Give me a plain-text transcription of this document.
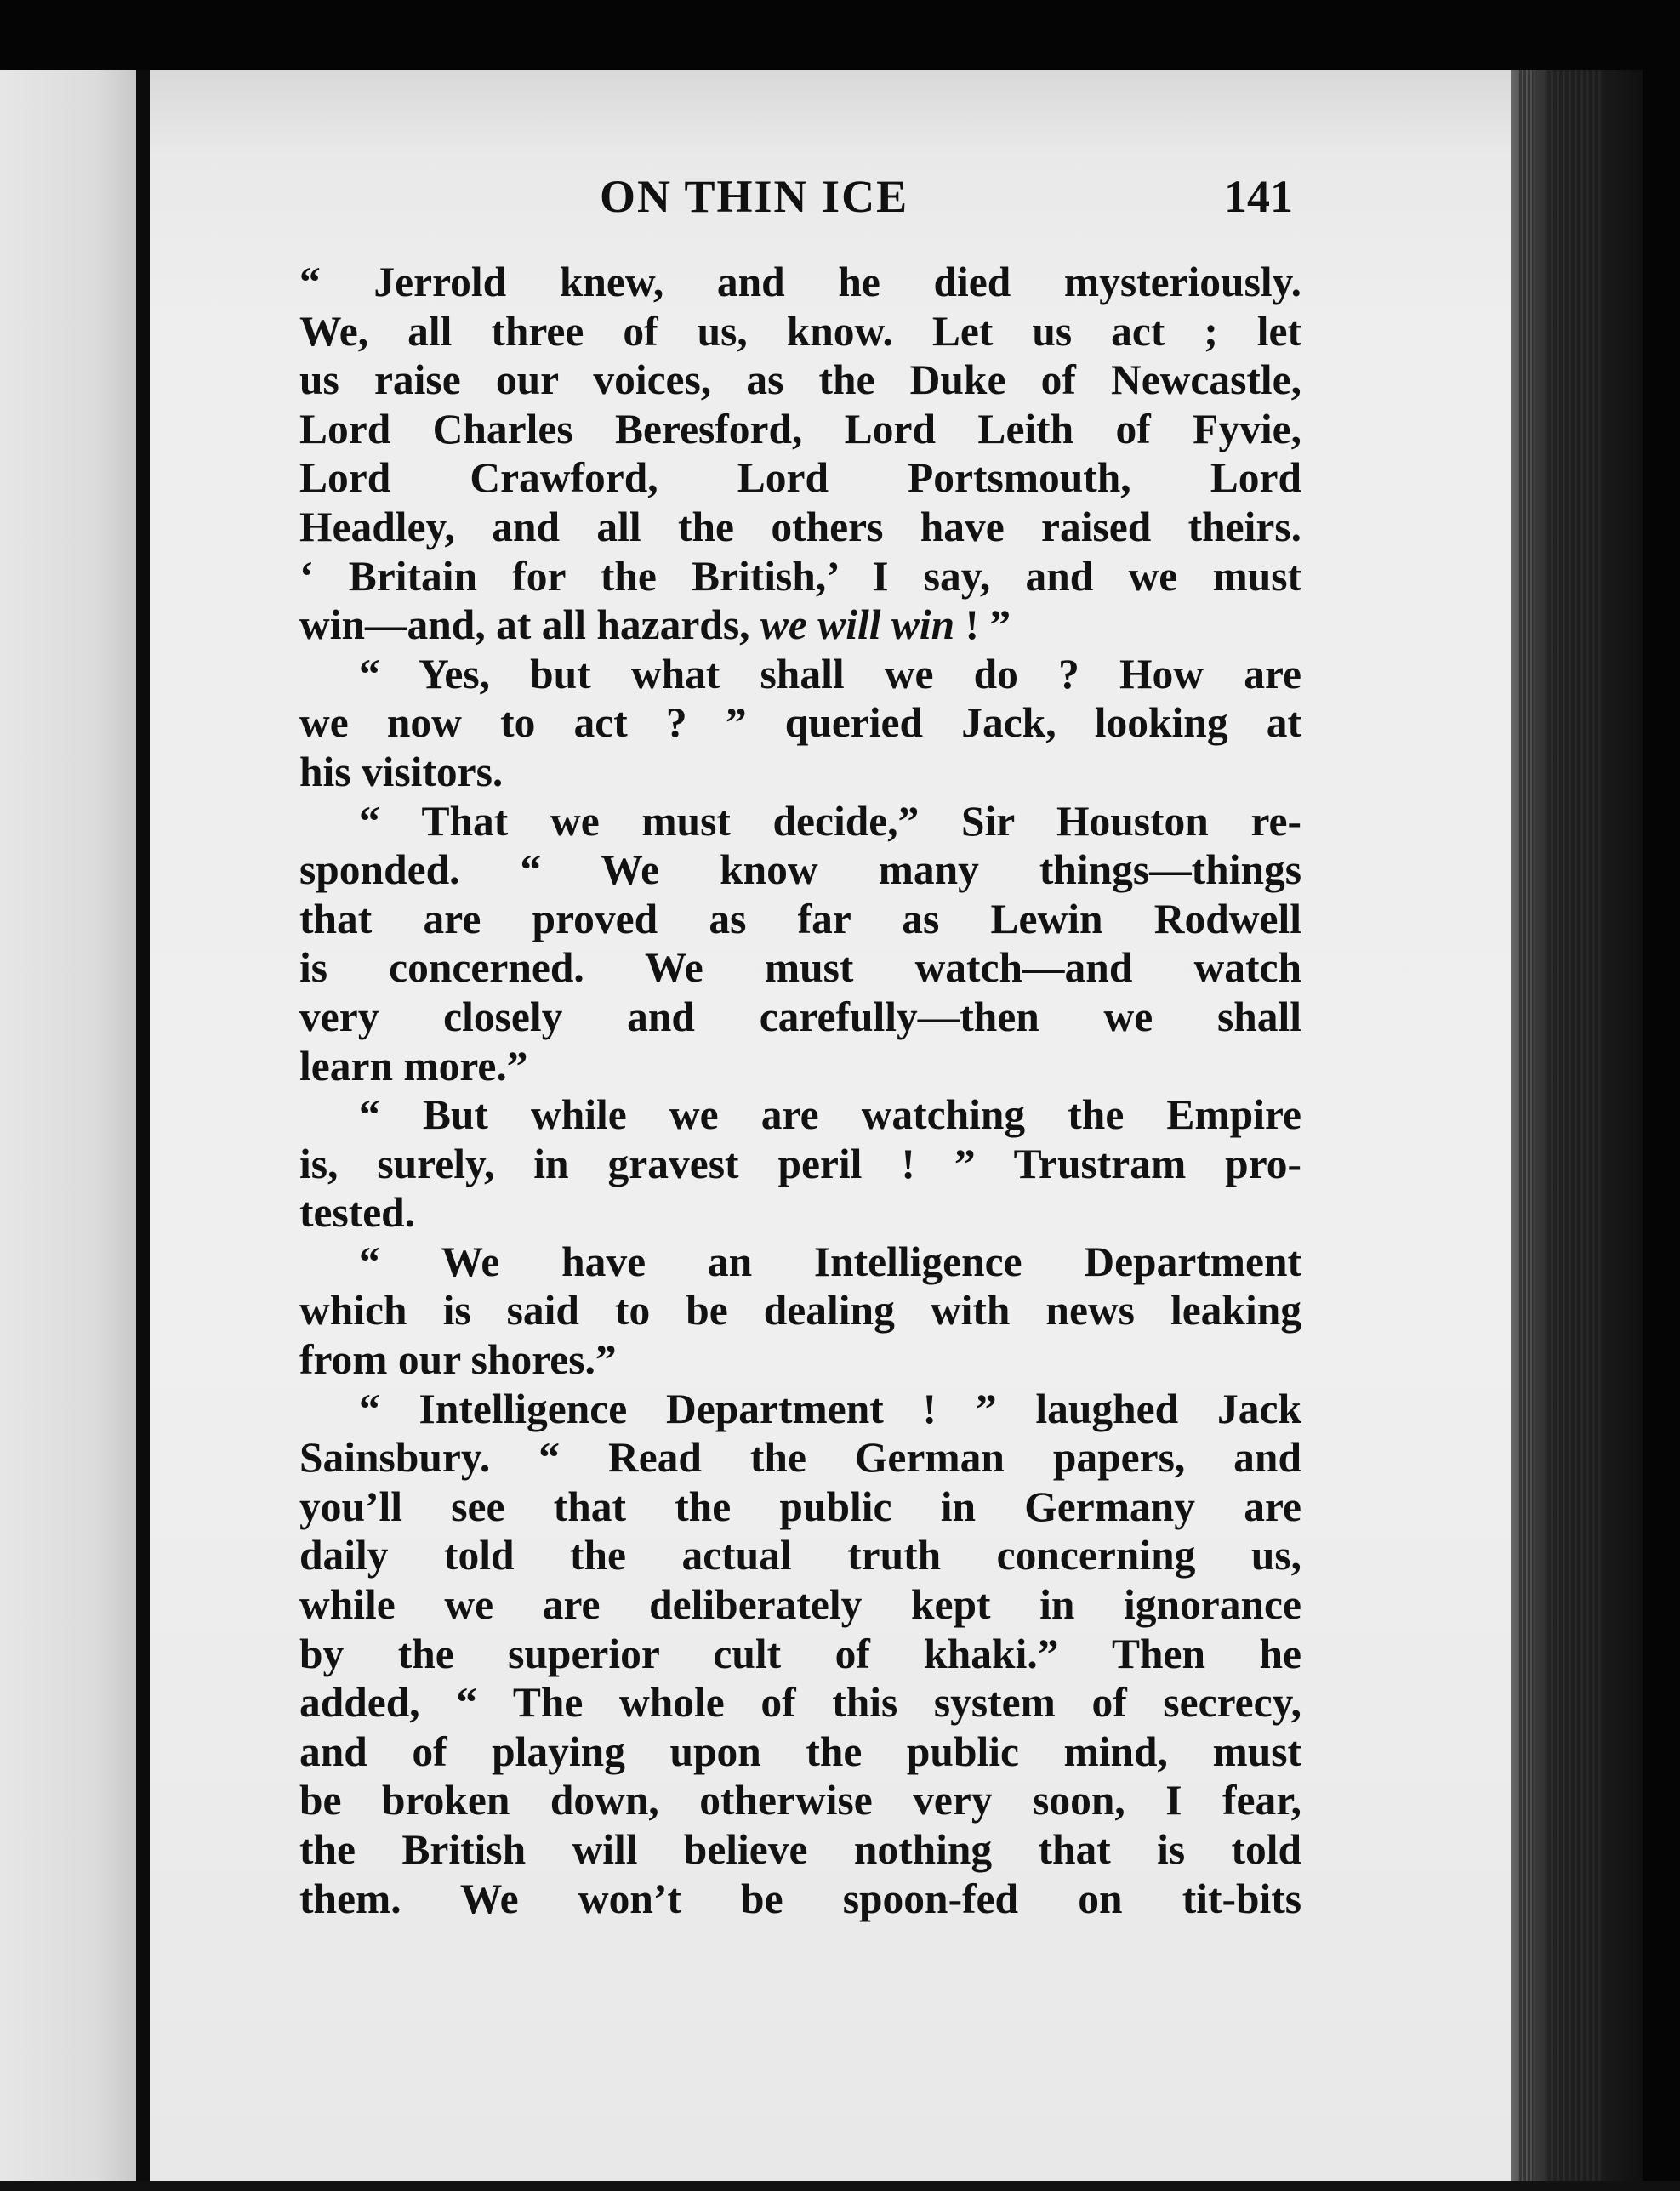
ON THIN ICE	141
“ Jerrold knew, and he died mysteriously.
We, all three of us, know. Let us act ; let
us raise our voices, as the Duke of Newcastle,
Lord Charles Beresford, Lord Leith of Fyvie,
Lord Crawford, Lord Portsmouth, Lord
Headley, and all the others have raised theirs.
‘ Britain for the British,’ I say, and we must
win—and, at all hazards, we will win ! ”
“ Yes, but what shall we do ? How are
we now to act ? ” queried Jack, looking at
his visitors.
“ That we must decide,” Sir Houston re-
sponded. “ We know many things—things
that are proved as far as Lewin Rodwell
is concerned. We must watch—and watch
very closely and carefully—then we shall
learn more.”
“ But while we are watching the Empire
is, surely, in gravest peril ! ” Trustram pro-
tested.
“ We have an Intelligence Department
which is said to be dealing with news leaking
from our shores.”
“ Intelligence Department ! ” laughed Jack
Sainsbury. “ Read the German papers, and
you’ll see that the public in Germany are
daily told the actual truth concerning us,
while we are deliberately kept in ignorance
by the superior cult of khaki.” Then he
added, “ The whole of this system of secrecy,
and of playing upon the public mind, must
be broken down, otherwise very soon, I fear,
the British will believe nothing that is told
them. We won’t be spoon-fed on tit-bits
